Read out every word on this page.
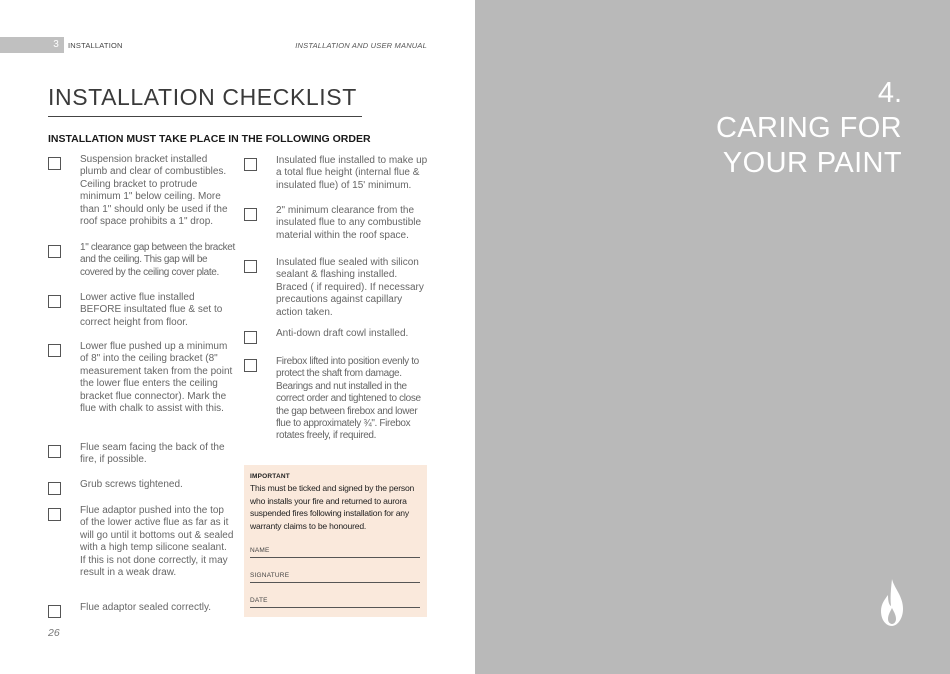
3	INSTALLATION	INSTALLATION AND USER MANUAL
INSTALLATION CHECKLIST
INSTALLATION MUST TAKE PLACE IN THE FOLLOWING ORDER
Suspension bracket installed plumb and clear of combustibles. Ceiling bracket to protrude minimum 1" below ceiling. More than 1" should only be used if the roof space prohibits a 1" drop.
1" clearance gap between the bracket and the ceiling. This gap will be covered by the ceiling cover plate.
Lower active flue installed BEFORE insultated flue & set to correct height from floor.
Lower flue pushed up a minimum of 8" into the ceiling bracket (8" measurement taken from the point the lower flue enters the ceiling bracket flue connector). Mark the flue with chalk to assist with this.
Flue seam facing the back of the fire, if possible.
Grub screws tightened.
Flue adaptor pushed into the top of the lower active flue as far as it will go until it bottoms out & sealed with a high temp silicone sealant. If this is not done correctly, it may result in a weak draw.
Flue adaptor sealed correctly.
Insulated flue installed to make up a total flue height (internal flue & insulated flue) of 15' minimum.
2" minimum clearance from the insulated flue to any combustible material within the roof space.
Insulated flue sealed with silicon sealant & flashing installed. Braced ( if required). If necessary precautions against capillary action taken.
Anti-down draft cowl installed.
Firebox lifted into position evenly to protect the shaft from damage. Bearings and nut installed in the correct order and tightened to close the gap between firebox and lower flue to approximately ¾". Firebox rotates freely, if required.
IMPORTANT
This must be ticked and signed by the person who installs your fire and returned to aurora suspended fires following installation for any warranty claims to be honoured.
NAME
SIGNATURE
DATE
26
4.
CARING FOR YOUR PAINT
